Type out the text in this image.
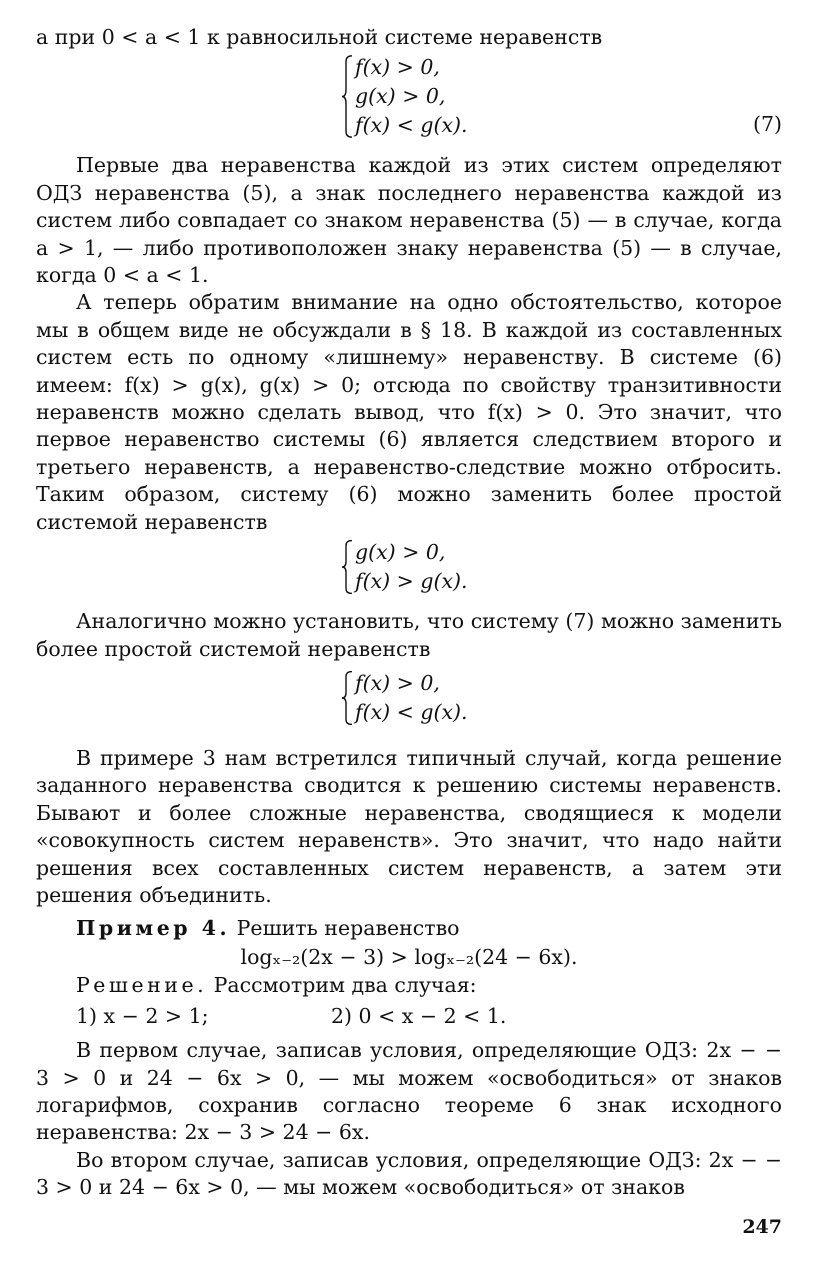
а при 0 < a < 1 к равносильной системе неравенств

f(x) > 0,
g(x) > 0,
f(x) < g(x).	(7)

Первые два неравенства каждой из этих систем определяют ОДЗ неравенства (5), а знак последнего неравенства каждой из систем либо совпадает со знаком неравенства (5) — в случае, когда a > 1, — либо противоположен знаку неравенства (5) — в случае, когда 0 < a < 1.

А теперь обратим внимание на одно обстоятельство, которое мы в общем виде не обсуждали в § 18. В каждой из составленных систем есть по одному «лишнему» неравенству. В системе (6) имеем: f(x) > g(x), g(x) > 0; отсюда по свойству транзитивности неравенств можно сделать вывод, что f(x) > 0. Это значит, что первое неравенство системы (6) является следствием второго и третьего неравенств, а неравенство-следствие можно отбросить. Таким образом, систему (6) можно заменить более простой системой неравенств

g(x) > 0,
f(x) > g(x).

Аналогично можно установить, что систему (7) можно заменить более простой системой неравенств

f(x) > 0,
f(x) < g(x).

В примере 3 нам встретился типичный случай, когда решение заданного неравенства сводится к решению системы неравенств. Бывают и более сложные неравенства, сводящиеся к модели «совокупность систем неравенств». Это значит, что надо найти решения всех составленных систем неравенств, а затем эти решения объединить.

Пример 4. Решить неравенство

logₓ₋₂(2x − 3) > logₓ₋₂(24 − 6x).

Решение. Рассмотрим два случая:

1) x − 2 > 1;	2) 0 < x − 2 < 1.

В первом случае, записав условия, определяющие ОДЗ: 2x − − 3 > 0 и 24 − 6x > 0, — мы можем «освободиться» от знаков логарифмов, сохранив согласно теореме 6 знак исходного неравенства: 2x − 3 > 24 − 6x.

Во втором случае, записав условия, определяющие ОДЗ: 2x − − 3 > 0 и 24 − 6x > 0, — мы можем «освободиться» от знаков

247
